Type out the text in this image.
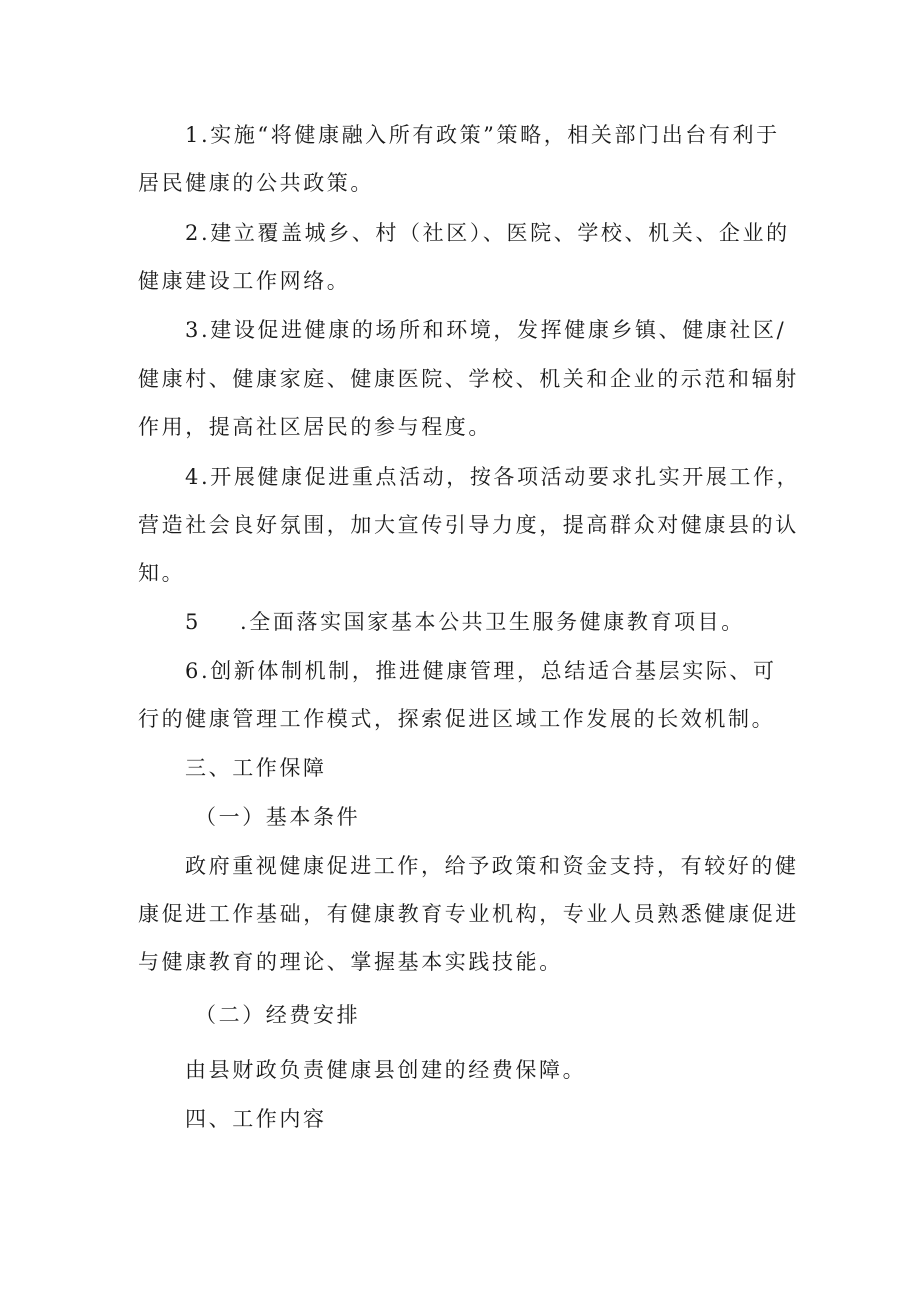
1.实施“将健康融入所有政策”策略，相关部门出台有利于
居民健康的公共政策。
2.建立覆盖城乡、村（社区）、医院、学校、机关、企业的
健康建设工作网络。
3.建设促进健康的场所和环境，发挥健康乡镇、健康社区/
健康村、健康家庭、健康医院、学校、机关和企业的示范和辐射
作用，提高社区居民的参与程度。
4.开展健康促进重点活动，按各项活动要求扎实开展工作，
营造社会良好氛围，加大宣传引导力度，提高群众对健康县的认
知。
5 .全面落实国家基本公共卫生服务健康教育项目。
6.创新体制机制，推进健康管理，总结适合基层实际、可
行的健康管理工作模式，探索促进区域工作发展的长效机制。
三、工作保障
（一）基本条件
政府重视健康促进工作，给予政策和资金支持，有较好的健
康促进工作基础，有健康教育专业机构，专业人员熟悉健康促进
与健康教育的理论、掌握基本实践技能。
（二）经费安排
由县财政负责健康县创建的经费保障。
四、工作内容
